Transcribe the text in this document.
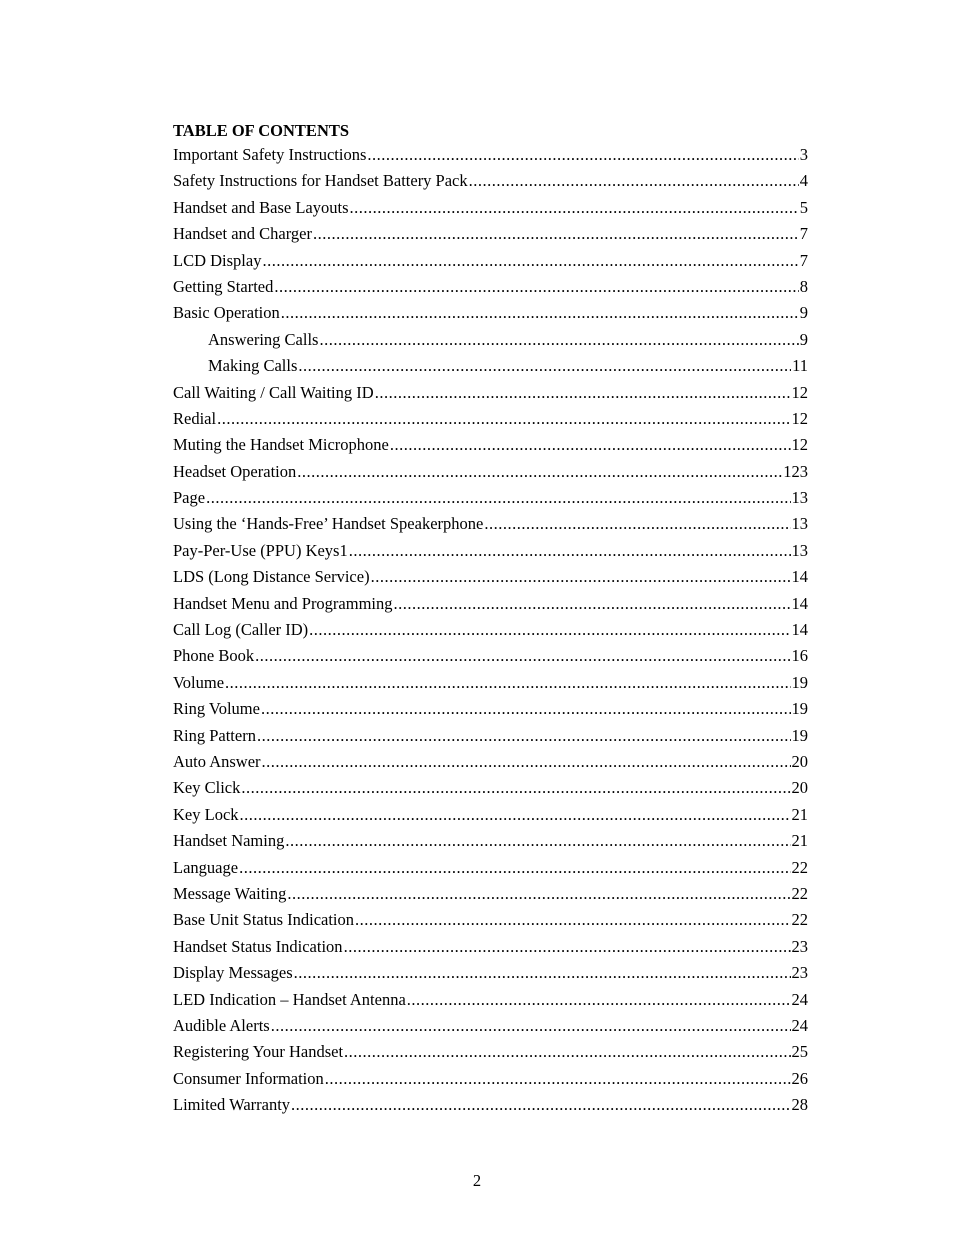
TABLE OF CONTENTS
Important Safety Instructions .....	3
Safety Instructions for Handset Battery Pack .....	4
Handset and Base Layouts .....	5
Handset and Charger .....	7
LCD Display .....	7
Getting Started .....	8
Basic Operation .....	9
Answering Calls .....	9
Making Calls .....	11
Call Waiting / Call Waiting ID .....	12
Redial .....	12
Muting the Handset Microphone .....	12
Headset Operation .....	123
Page .....	13
Using the ‘Hands-Free’ Handset Speakerphone .....	13
Pay-Per-Use (PPU) Keys1 .....	13
LDS (Long Distance Service) .....	14
Handset Menu and Programming .....	14
Call Log (Caller ID) .....	14
Phone Book .....	16
Volume .....	19
Ring Volume .....	19
Ring Pattern .....	19
Auto Answer .....	20
Key Click .....	20
Key Lock .....	21
Handset Naming .....	21
Language .....	22
Message Waiting .....	22
Base Unit Status Indication .....	22
Handset Status Indication .....	23
Display Messages .....	23
LED Indication – Handset Antenna .....	24
Audible Alerts .....	24
Registering Your Handset .....	25
Consumer Information .....	26
Limited Warranty .....	28
2
